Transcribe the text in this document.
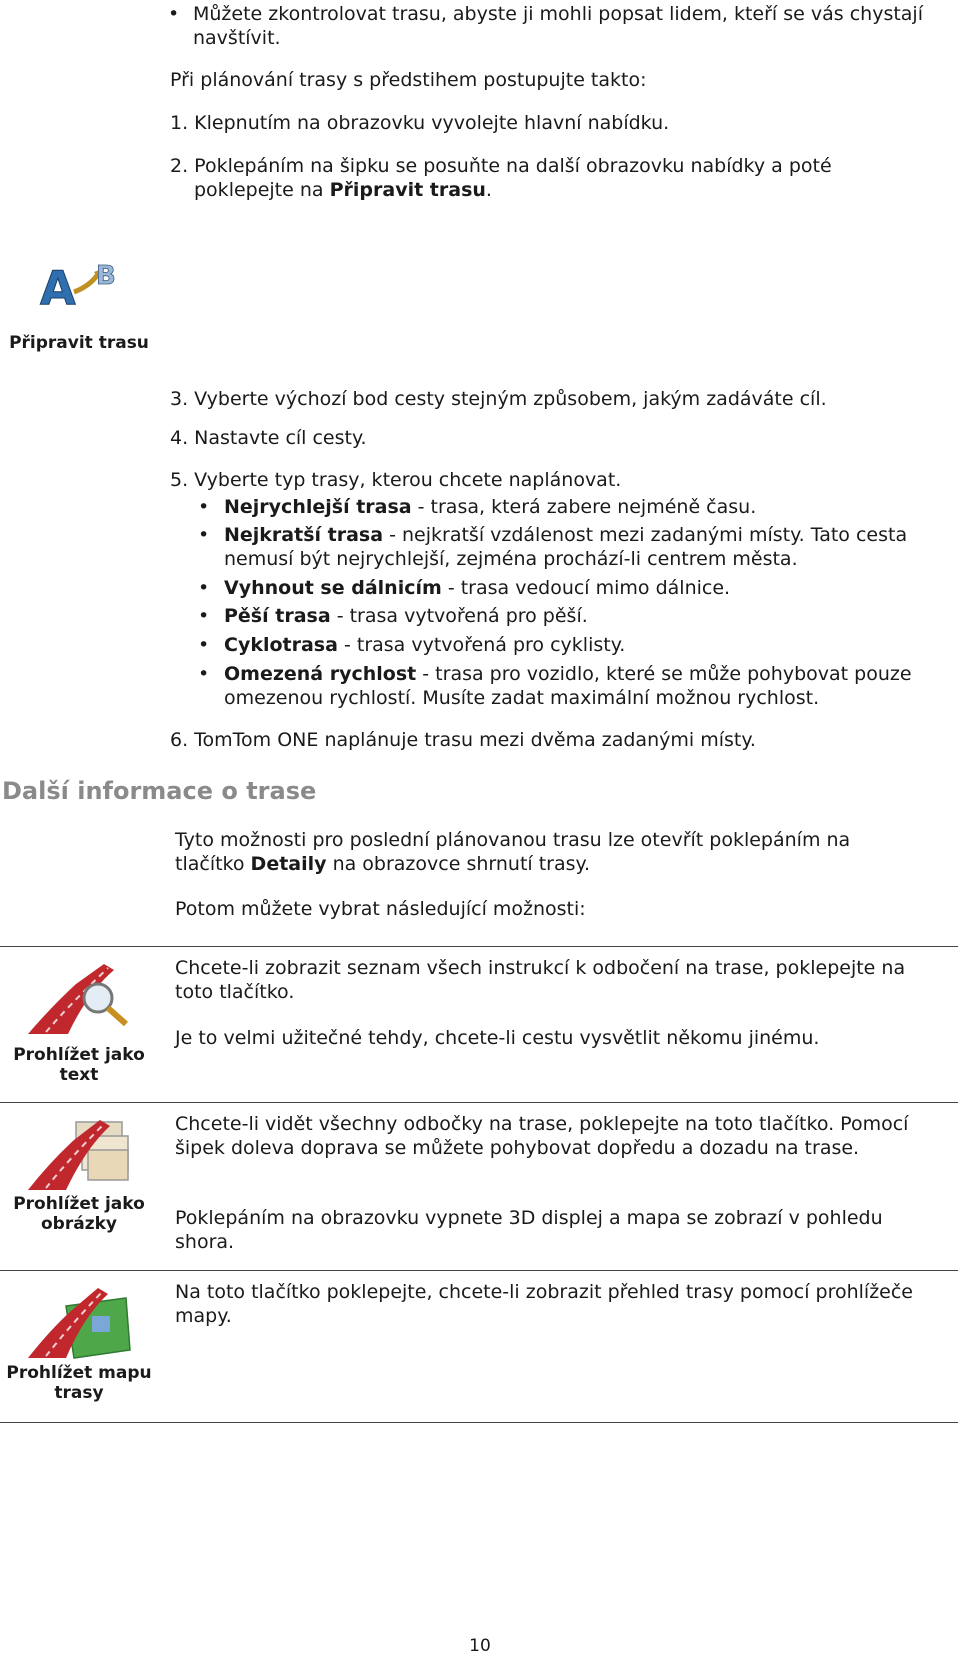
• Můžete zkontrolovat trasu, abyste ji mohli popsat lidem, kteří se vás chystají navštívit.
Při plánování trasy s předstihem postupujte takto:
1. Klepnutím na obrazovku vyvolejte hlavní nabídku.
2. Poklepáním na šipku se posuňte na další obrazovku nabídky a poté poklepejte na Připravit trasu.
A B
Připravit trasu
3. Vyberte výchozí bod cesty stejným způsobem, jakým zadáváte cíl.
4. Nastavte cíl cesty.
5. Vyberte typ trasy, kterou chcete naplánovat.
• Nejrychlejší trasa - trasa, která zabere nejméně času.
• Nejkratší trasa - nejkratší vzdálenost mezi zadanými místy. Tato cesta nemusí být nejrychlejší, zejména prochází-li centrem města.
• Vyhnout se dálnicím - trasa vedoucí mimo dálnice.
• Pěší trasa - trasa vytvořená pro pěší.
• Cyklotrasa - trasa vytvořená pro cyklisty.
• Omezená rychlost - trasa pro vozidlo, které se může pohybovat pouze omezenou rychlostí. Musíte zadat maximální možnou rychlost.
6. TomTom ONE naplánuje trasu mezi dvěma zadanými místy.
Další informace o trase
Tyto možnosti pro poslední plánovanou trasu lze otevřít poklepáním na tlačítko Detaily na obrazovce shrnutí trasy.
Potom můžete vybrat následující možnosti:
Prohlížet jako text
Chcete-li zobrazit seznam všech instrukcí k odbočení na trase, poklepejte na toto tlačítko.
Je to velmi užitečné tehdy, chcete-li cestu vysvětlit někomu jinému.
Prohlížet jako obrázky
Chcete-li vidět všechny odbočky na trase, poklepejte na toto tlačítko. Pomocí šipek doleva doprava se můžete pohybovat dopředu a dozadu na trase.
Poklepáním na obrazovku vypnete 3D displej a mapa se zobrazí v pohledu shora.
Prohlížet mapu trasy
Na toto tlačítko poklepejte, chcete-li zobrazit přehled trasy pomocí prohlížeče mapy.
10
